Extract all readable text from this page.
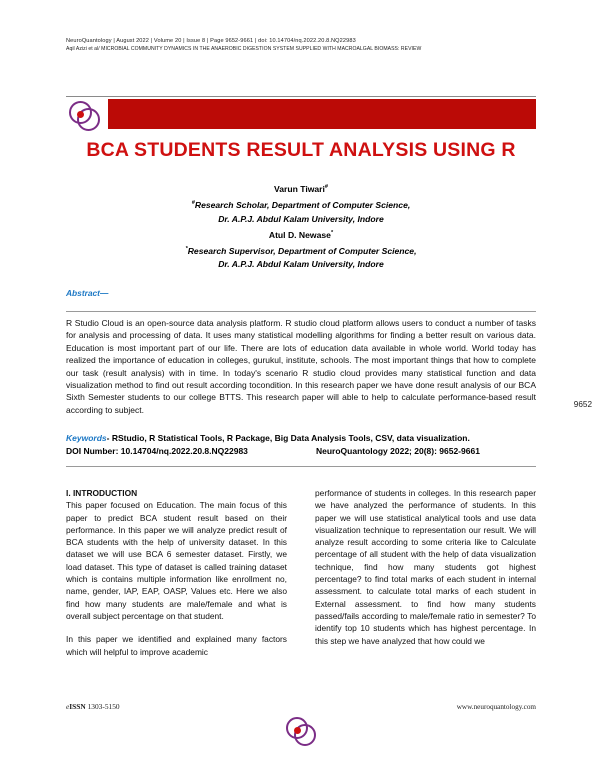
NeuroQuantology | August 2022 | Volume 20 | Issue 8 | Page 9652-9661 | doi: 10.14704/nq.2022.20.8.NQ22983
Aqil Azizi et al/ MICROBIAL COMMUNITY DYNAMICS IN THE ANAEROBIC DIGESTION SYSTEM SUPPLIED WITH MACROALGAL BIOMASS: REVIEW
BCA STUDENTS RESULT ANALYSIS USING R
Varun Tiwari#
#Research Scholar, Department of Computer Science,
Dr. A.P.J. Abdul Kalam University, Indore
Atul D. Newase*
*Research Supervisor, Department of Computer Science,
Dr. A.P.J. Abdul Kalam University, Indore
Abstract—
R Studio Cloud is an open-source data analysis platform. R studio cloud platform allows users to conduct a number of tasks for analysis and processing of data. It uses many statistical modelling algorithms for finding a better result on various data. Education is most important part of our life. There are lots of education data available in whole world. World today has realized the importance of education in colleges, gurukul, institute, schools. The most important things that how to complete our task (result analysis) with in time. In today's scenario R studio cloud provides many statistical function and data visualization method to find out result according tocondition. In this research paper we have done result analysis of our BCA Sixth Semester students to our college BTTS. This research paper will able to help to calculate performance-based result according to subject.
Keywords- RStudio, R Statistical Tools, R Package, Big Data Analysis Tools, CSV, data visualization.
DOI Number: 10.14704/nq.2022.20.8.NQ22983	NeuroQuantology 2022; 20(8): 9652-9661
9652
I. INTRODUCTION

This paper focused on Education. The main focus of this paper to predict BCA student result based on their performance. In this paper we will analyze predict result of BCA students with the help of university dataset. In this dataset we will use BCA 6 semester dataset. Firstly, we load dataset. This type of dataset is called training dataset which is contains multiple information like enrollment no, name, gender, IAP, EAP, OASP, Values etc. Here we also find how many students are male/female and what is overall subject percentage on that student.

In this paper we identified and explained many factors which will helpful to improve academic

performance of students in colleges. In this research paper we have analyzed the performance of students. In this paper we will use statistical analytical tools and use data visualization technique to representation our result. We will analyze result according to some criteria like to Calculate percentage of all student with the help of data visualization technique, find how many students got highest percentage? to find total marks of each student in internal assessment. to calculate total marks of each student in External assessment. to find how many students passed/fails according to male/female ratio in semester? To identify top 10 students which has highest percentage. In this step we have analyzed that how could we

eISSN 1303-5150	www.neuroquantology.com
